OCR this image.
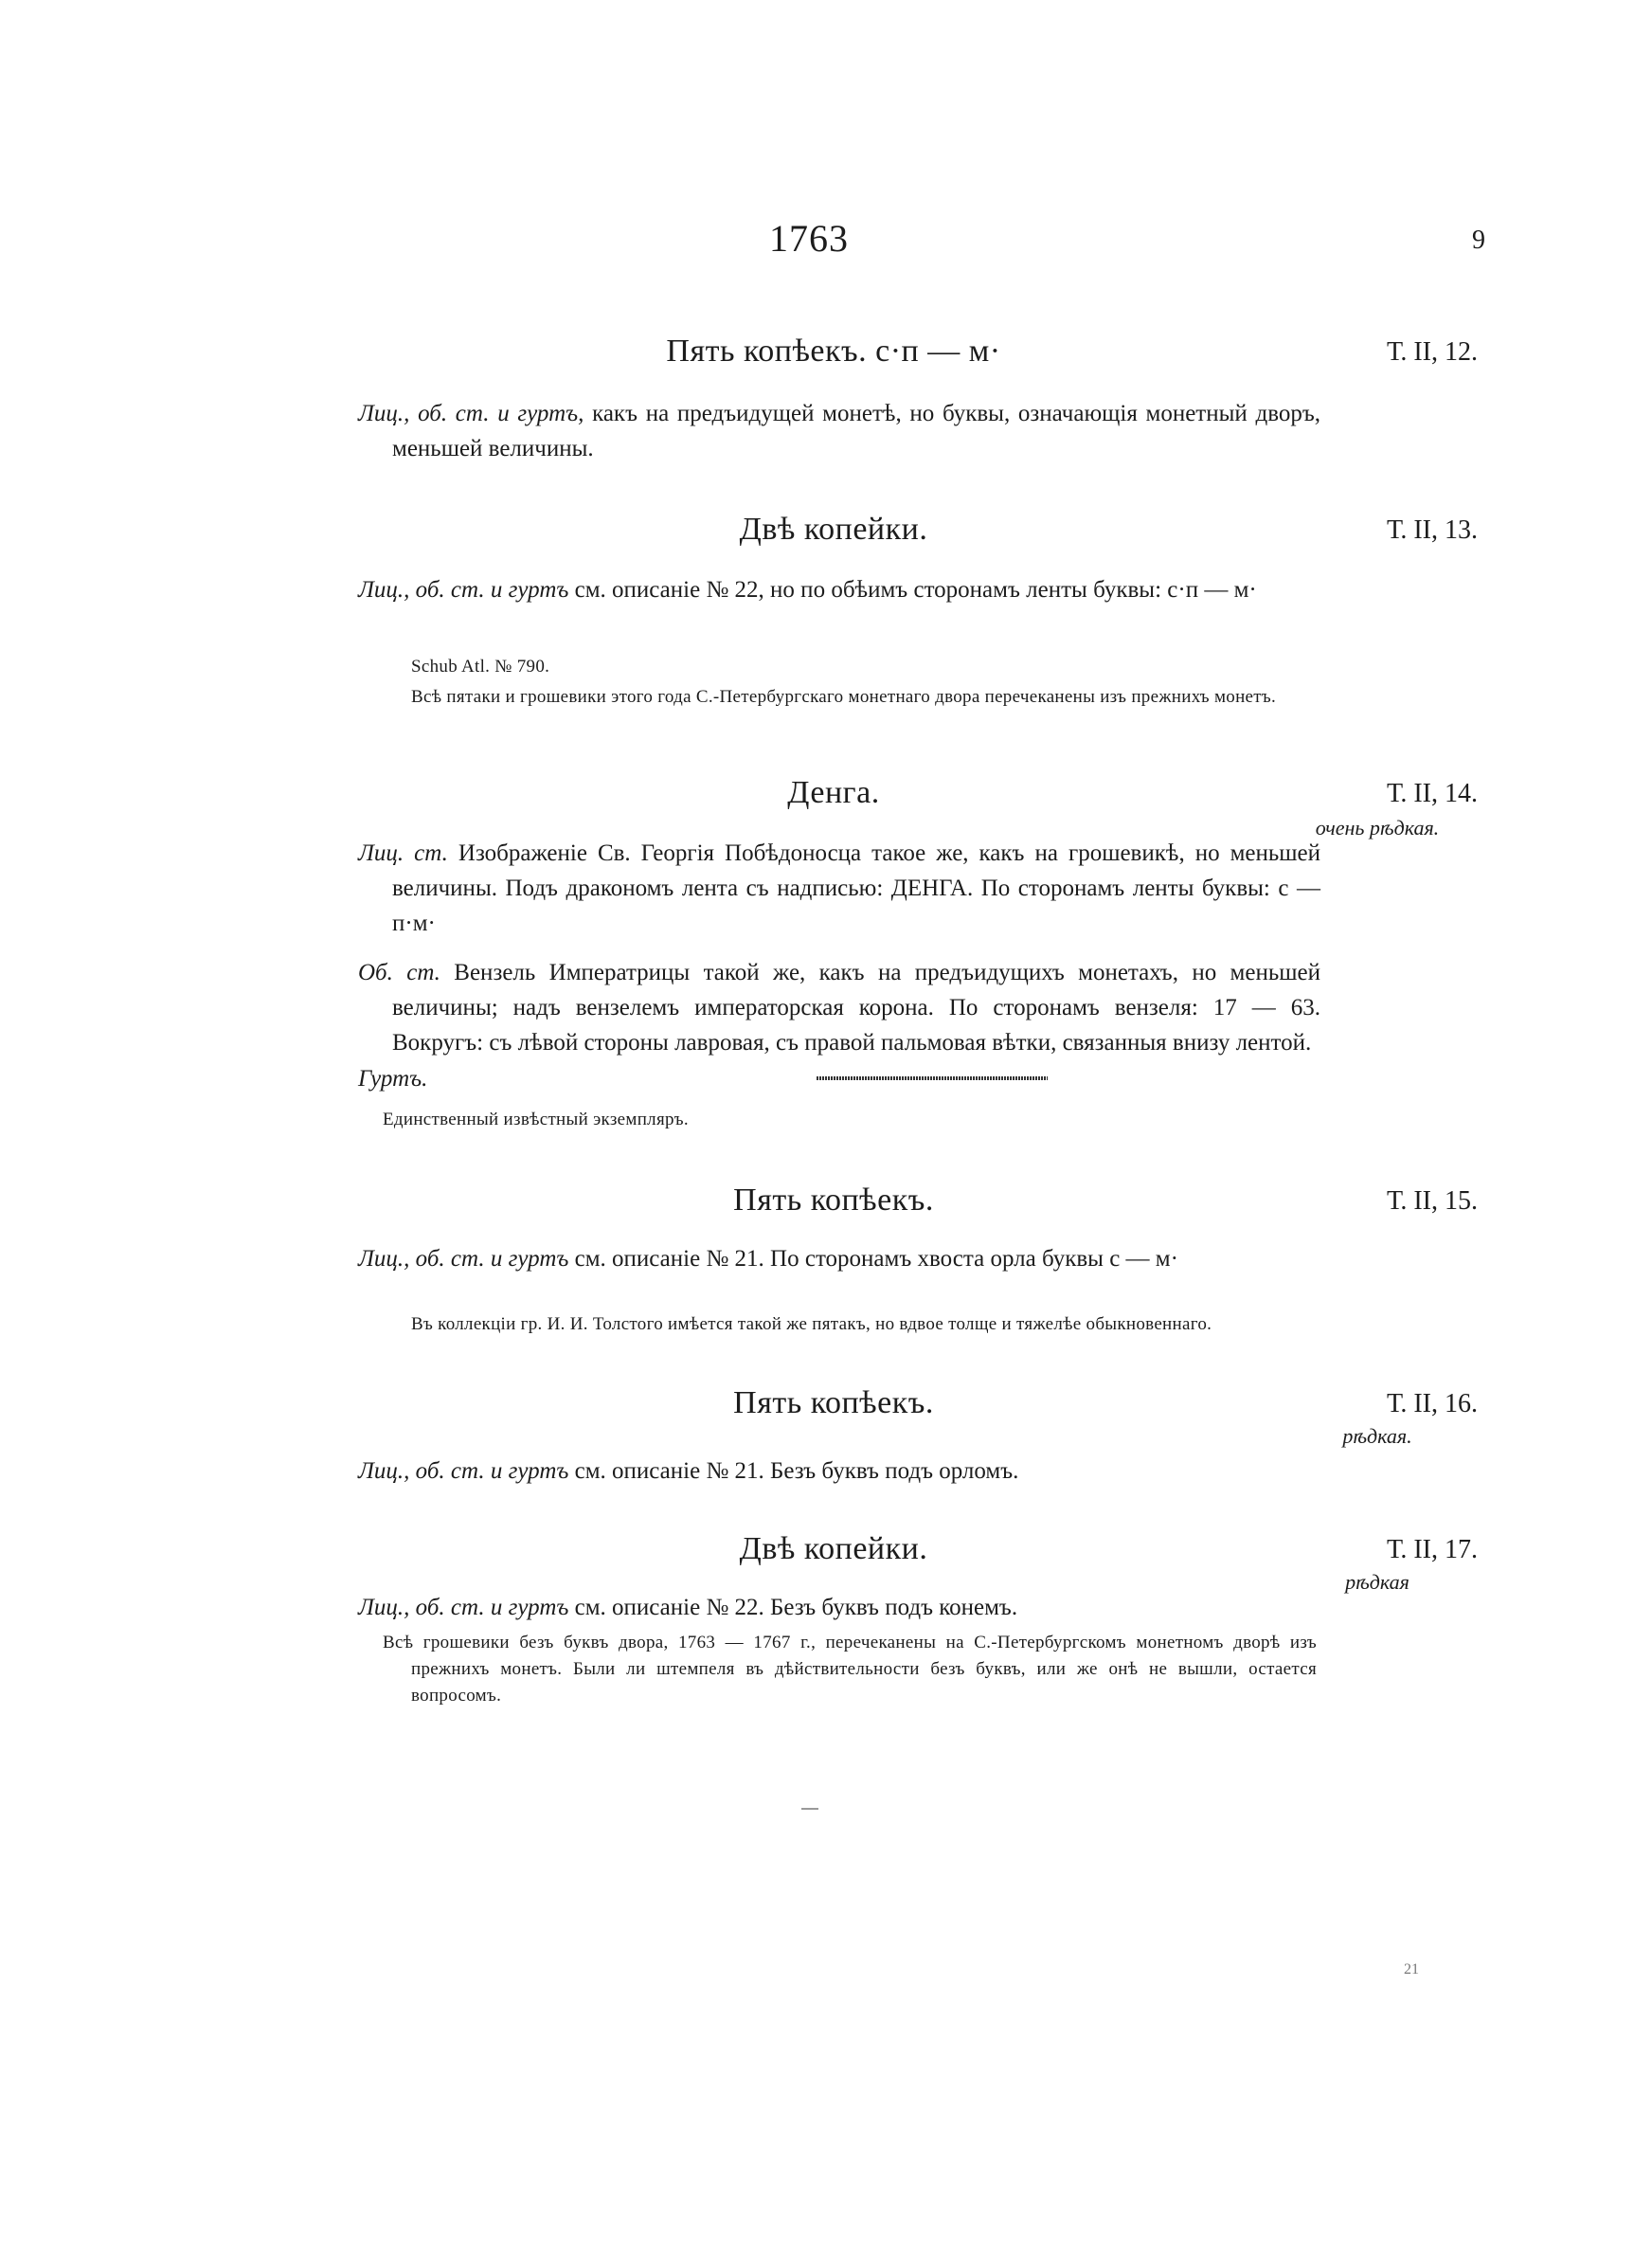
1763	9
Пять копѣекъ. с·п — м·	Т. II, 12.
Лиц., об. ст. и гуртъ, какъ на предъидущей монетѣ, но буквы, означающія монетный дворъ, меньшей величины.
Двѣ копейки.	Т. II, 13.
Лиц., об. ст. и гуртъ см. описаніе № 22, но по обѣимъ сторонамъ ленты буквы: с·п — м·
Schub Atl. № 790.
Всѣ пятаки и грошевики этого года С.-Петербургскаго монетнаго двора перечеканены изъ прежнихъ монетъ.
Денга.	Т. II, 14.
очень рѣдкая.
Лиц. ст. Изображеніе Св. Георгія Побѣдоносца такое же, какъ на грошевикѣ, но меньшей величины. Подъ дракономъ лента съ надписью: ДЕНГА. По сторонамъ ленты буквы: с — п·м·
Об. ст. Вензель Императрицы такой же, какъ на предъидущихъ монетахъ, но меньшей величины; надъ вензелемъ императорская корона. По сторонамъ вензеля: 17 — 63. Вокругъ: съ лѣвой стороны лавровая, съ правой пальмовая вѣтки, связанныя внизу лентой.
Гуртъ.
Единственный извѣстный экземпляръ.
Пять копѣекъ.	Т. II, 15.
Лиц., об. ст. и гуртъ см. описаніе № 21. По сторонамъ хвоста орла буквы с — м·
Въ коллекціи гр. И. И. Толстого имѣется такой же пятакъ, но вдвое толще и тяжелѣе обыкновеннаго.
Пять копѣекъ.	Т. II, 16.
рѣдкая.
Лиц., об. ст. и гуртъ см. описаніе № 21. Безъ буквъ подъ орломъ.
Двѣ копейки.	Т. II, 17.
рѣдкая
Лиц., об. ст. и гуртъ см. описаніе № 22. Безъ буквъ подъ конемъ.
Всѣ грошевики безъ буквъ двора, 1763 — 1767 г., перечеканены на С.-Петербургскомъ монетномъ дворѣ изъ прежнихъ монетъ. Были ли штемпеля въ дѣйствительности безъ буквъ, или же онѣ не вышли, остается вопросомъ.
21
